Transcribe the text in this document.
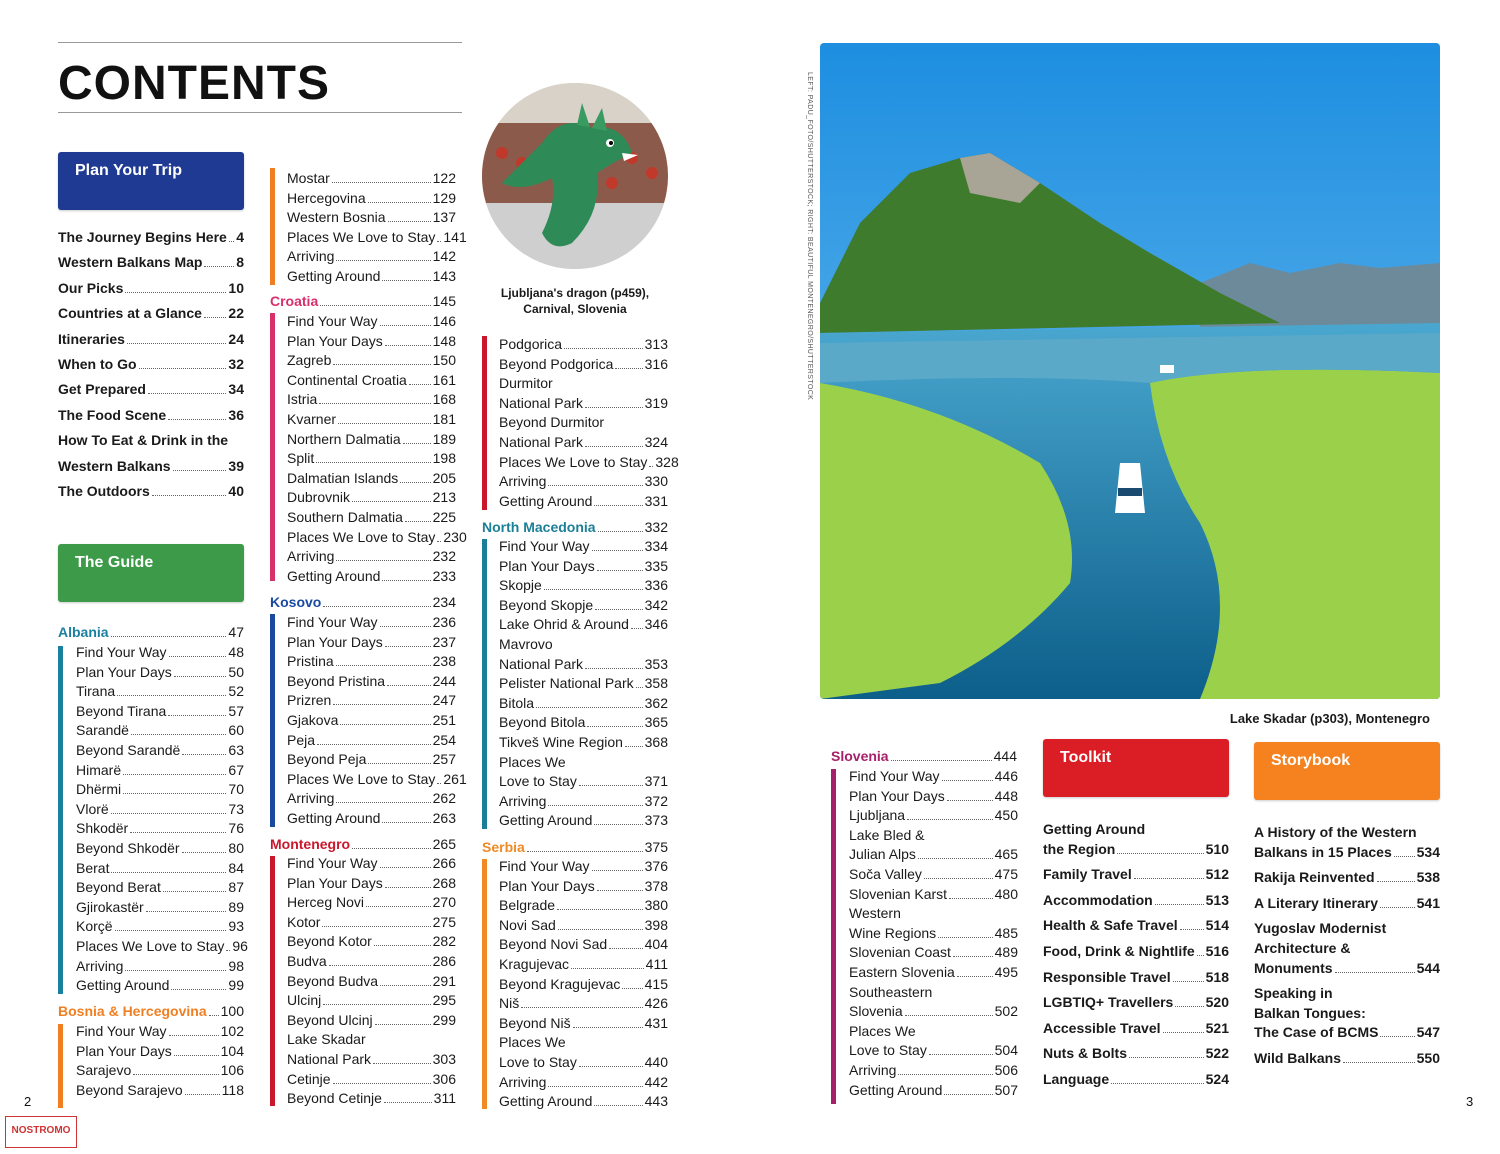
CONTENTS
Plan Your Trip
The Journey Begins Here 4
Western Balkans Map 8
Our Picks	10
Countries at a Glance 22
Itineraries	24
When to Go	32
Get Prepared	34
The Food Scene	36
How To Eat & Drink in the
Western Balkans	39
The Outdoors	40
The Guide
Albania	47
Find Your Way	48
Plan Your Days	50
Tirana	52
Beyond Tirana	57
Sarandë	60
Beyond Sarandë	63
Himarë	67
Dhërmi	70
Vlorë	73
Shkodër	76
Beyond Shkodër	80
Berat	84
Beyond Berat	87
Gjirokastër	89
Korçë	93
Places We Love to Stay 96
Arriving	98
Getting Around	99
Bosnia & Hercegovina 100
Find Your Way	102
Plan Your Days	104
Sarajevo	106
Beyond Sarajevo	118
Mostar	122
Hercegovina	129
Western Bosnia	137
Places We Love to Stay 141
Arriving	142
Getting Around	143
Croatia	145
Find Your Way	146
Plan Your Days	148
Zagreb	150
Continental Croatia 161
Istria	168
Kvarner	181
Northern Dalmatia 189
Split	198
Dalmatian Islands 205
Dubrovnik	213
Southern Dalmatia 225
Places We Love to Stay 230
Arriving	232
Getting Around	233
Kosovo	234
Find Your Way	236
Plan Your Days	237
Pristina	238
Beyond Pristina	244
Prizren	247
Gjakova	251
Peja	254
Beyond Peja	257
Places We Love to Stay 261
Arriving	262
Getting Around	263
Montenegro	265
Find Your Way	266
Plan Your Days	268
Herceg Novi	270
Kotor	275
Beyond Kotor	282
Budva	286
Beyond Budva	291
Ulcinj	295
Beyond Ulcinj	299
Lake Skadar
National Park	303
Cetinje	306
Beyond Cetinje	311
Podgorica	313
Beyond Podgorica 316
Durmitor
National Park	319
Beyond Durmitor
National Park	324
Places We Love to Stay 328
Arriving	330
Getting Around	331
North Macedonia	332
Find Your Way	334
Plan Your Days	335
Skopje	336
Beyond Skopje	342
Lake Ohrid & Around 346
Mavrovo
National Park	353
Pelister National Park 358
Bitola	362
Beyond Bitola	365
Tikveš Wine Region 368
Places We
Love to Stay	371
Arriving	372
Getting Around	373
Serbia	375
Find Your Way	376
Plan Your Days	378
Belgrade	380
Novi Sad	398
Beyond Novi Sad	404
Kragujevac	411
Beyond Kragujevac 415
Niš	426
Beyond Niš	431
Places We
Love to Stay	440
Arriving	442
Getting Around	443
Slovenia	444
Find Your Way	446
Plan Your Days	448
Ljubljana	450
Lake Bled &
Julian Alps	465
Soča Valley	475
Slovenian Karst	480
Western
Wine Regions	485
Slovenian Coast	489
Eastern Slovenia	495
Southeastern
Slovenia	502
Places We
Love to Stay	504
Arriving	506
Getting Around	507
Toolkit
Getting Around
the Region	510
Family Travel	512
Accommodation	513
Health & Safe Travel 514
Food, Drink & Nightlife 516
Responsible Travel	518
LGBTIQ+ Travellers 520
Accessible Travel	521
Nuts & Bolts	522
Language	524
Storybook
A History of the Western
Balkans in 15 Places 534
Rakija Reinvented	538
A Literary Itinerary	541
Yugoslav Modernist
Architecture &
Monuments	544
Speaking in
Balkan Tongues:
The Case of BCMS	547
Wild Balkans	550
Ljubljana's dragon (p459),
Carnival, Slovenia	LEFT: PADU_FOTO/SHUTTERSTOCK; RIGHT: BEAUTIFUL MONTENEGRO/SHUTTERSTOCK
Lake Skadar (p303), Montenegro
2	3
NOSTROMO
